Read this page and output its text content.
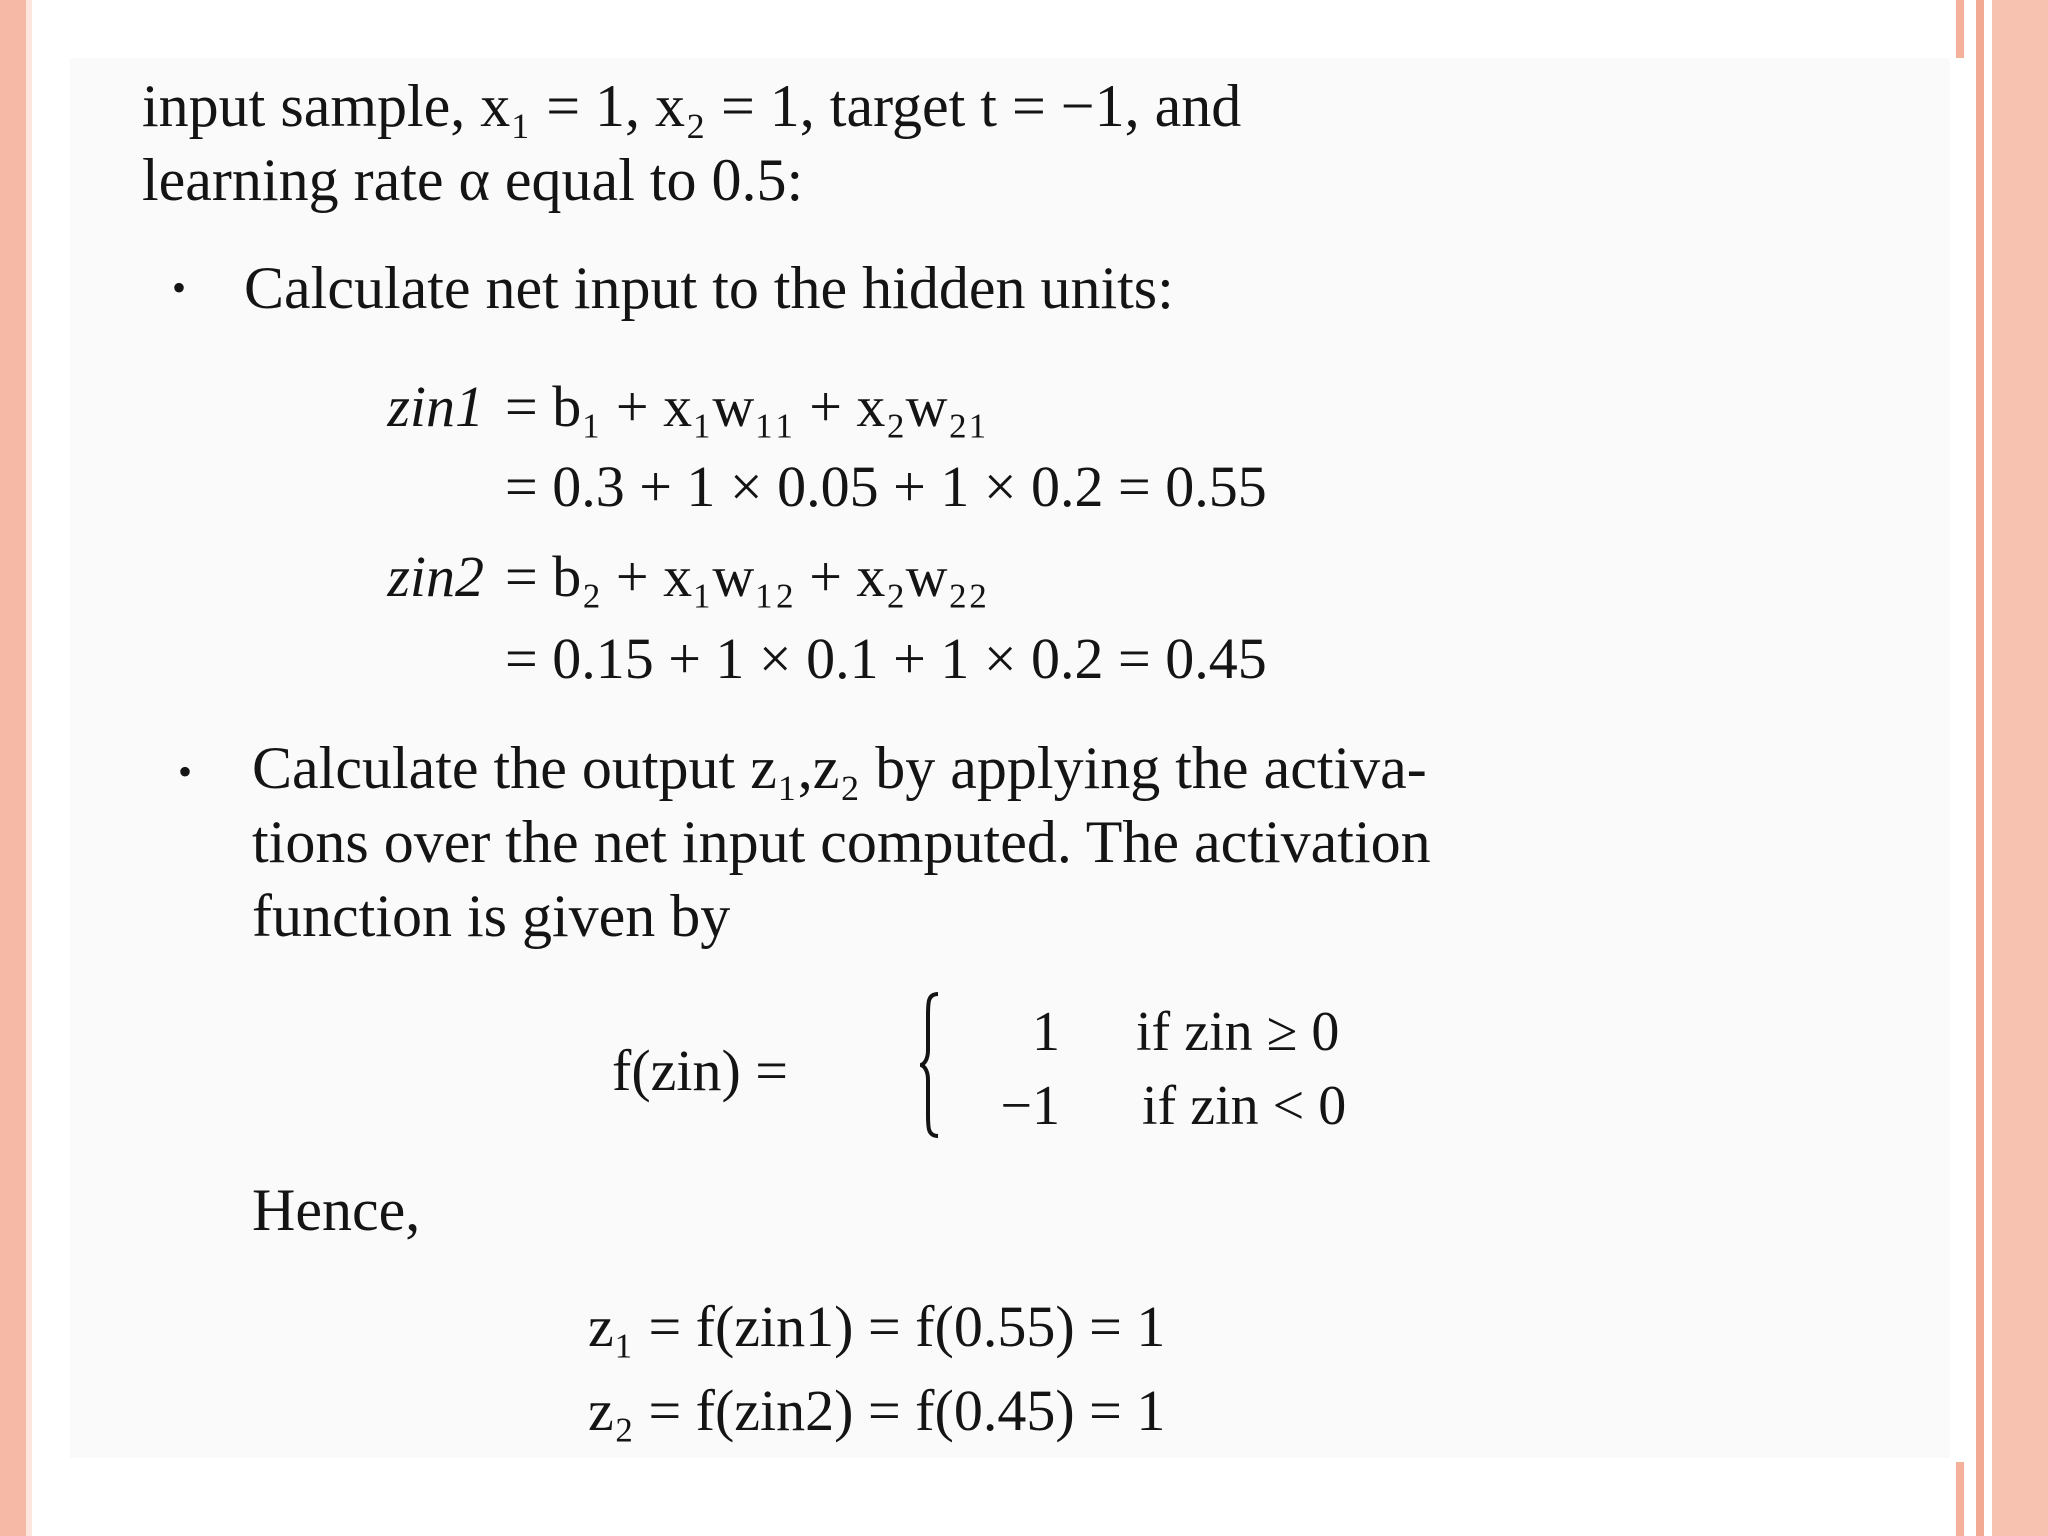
input sample, x₁ = 1, x₂ = 1, target t = −1, and
learning rate α equal to 0.5:
• Calculate net input to the hidden units:
zin1 = b₁ + x₁w₁₁ + x₂w₂₁
= 0.3 + 1 × 0.05 + 1 × 0.2 = 0.55
zin2 = b₂ + x₁w₁₂ + x₂w₂₂
= 0.15 + 1 × 0.1 + 1 × 0.2 = 0.45
• Calculate the output z₁,z₂ by applying the activa-
tions over the net input computed. The activation
function is given by
f(zin) =
1 if zin ≥ 0
−1 if zin < 0
Hence,
z₁ = f(zin1) = f(0.55) = 1
z₂ = f(zin2) = f(0.45) = 1
